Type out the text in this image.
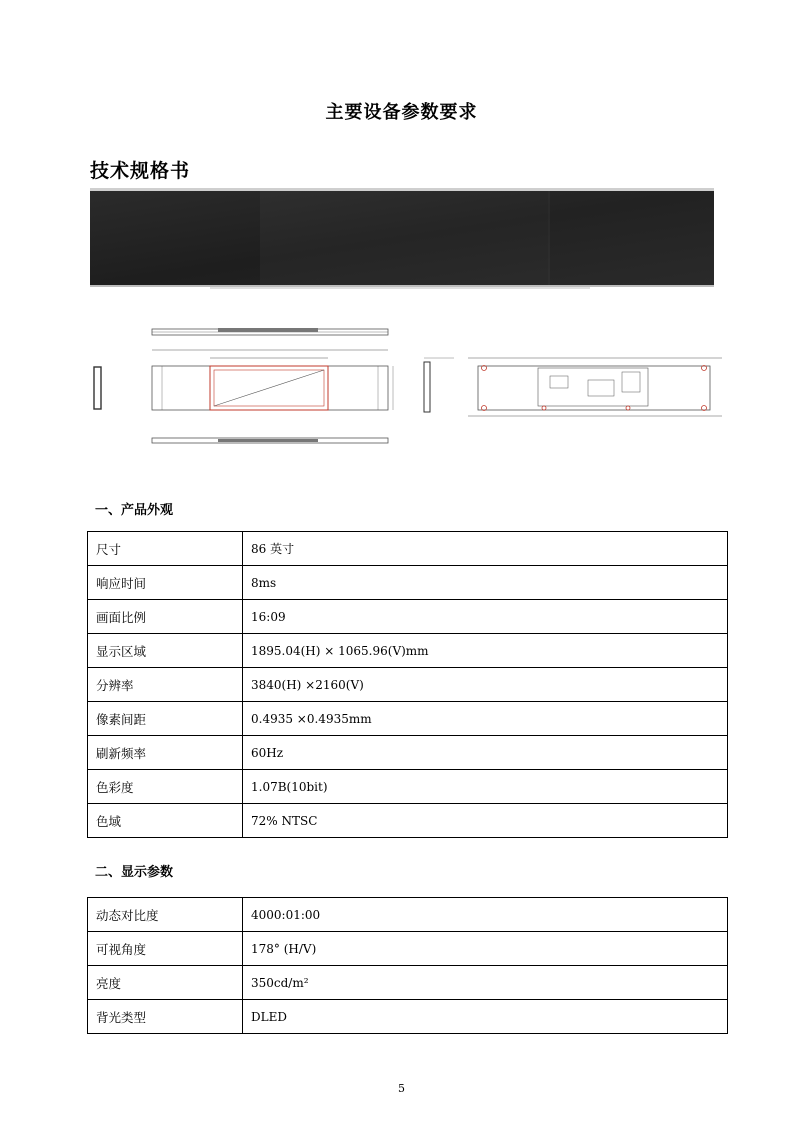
主要设备参数要求
技术规格书
一、产品外观
尺寸	86 英寸
响应时间	8ms
画面比例	16:09
显示区域	1895.04(H) × 1065.96(V)mm
分辨率	3840(H) ×2160(V)
像素间距	0.4935 ×0.4935mm
刷新频率	60Hz
色彩度	1.07B(10bit)
色域	72% NTSC
二、显示参数
动态对比度	4000:01:00
可视角度	178° (H/V)
亮度	350cd/m²
背光类型	DLED
5
